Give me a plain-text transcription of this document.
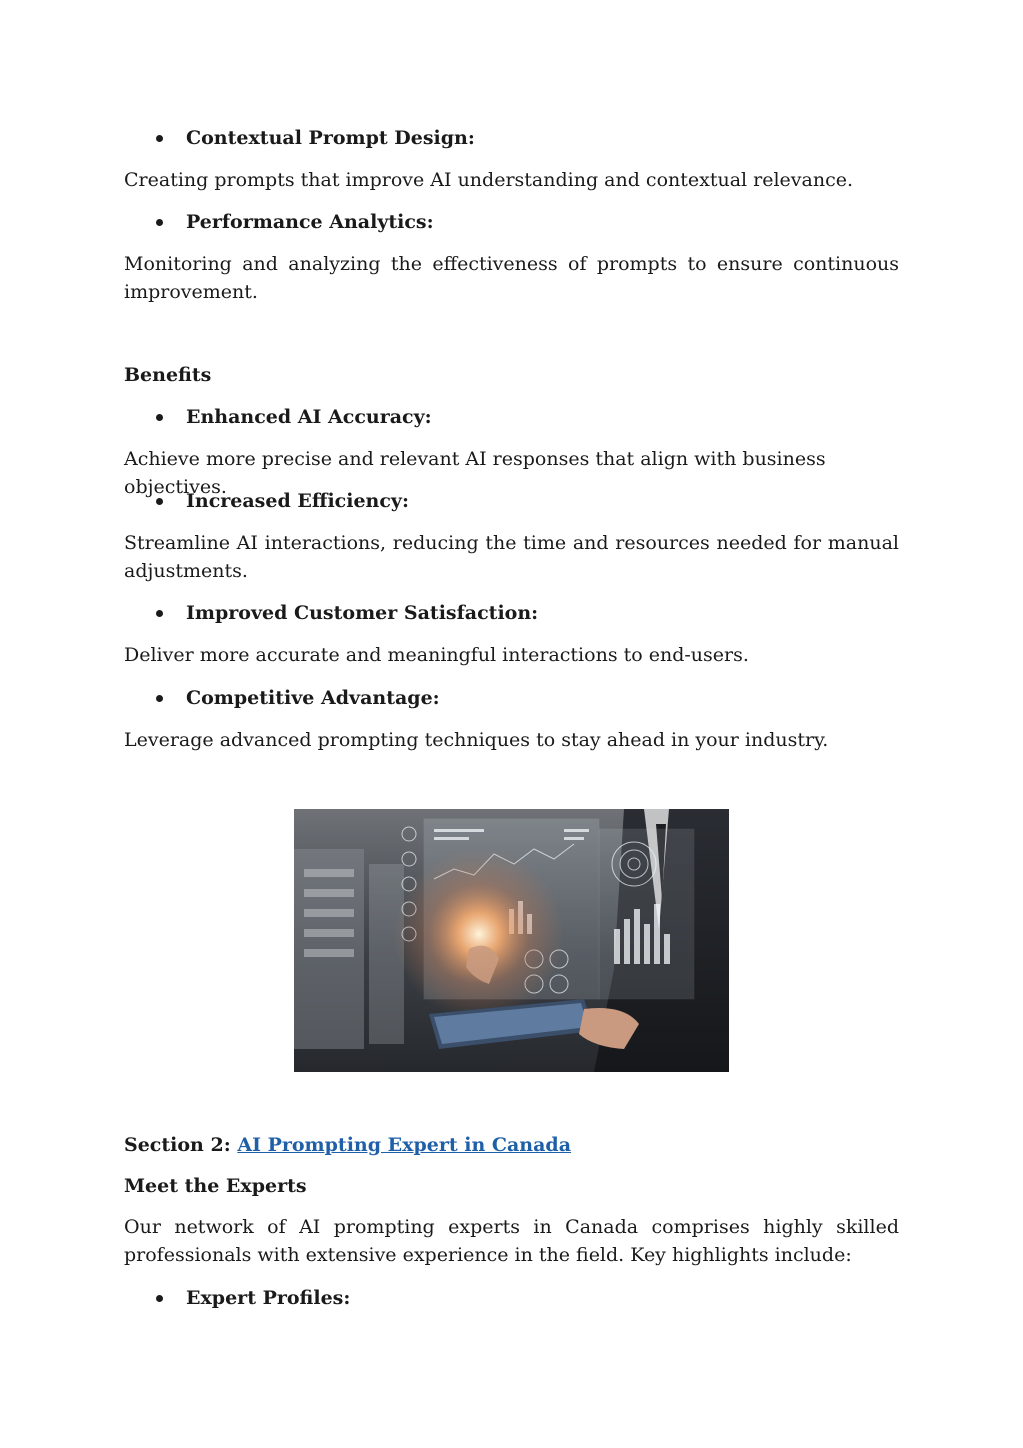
Contextual Prompt Design:

Creating prompts that improve AI understanding and contextual relevance.

Performance Analytics:

Monitoring and analyzing the effectiveness of prompts to ensure continuous improvement.

Benefits

Enhanced AI Accuracy:

Achieve more precise and relevant AI responses that align with business objectives.

Increased Efficiency:

Streamline AI interactions, reducing the time and resources needed for manual adjustments.

Improved Customer Satisfaction:

Deliver more accurate and meaningful interactions to end-users.

Competitive Advantage:

Leverage advanced prompting techniques to stay ahead in your industry.

Section 2: AI Prompting Expert in Canada

Meet the Experts

Our network of AI prompting experts in Canada comprises highly skilled professionals with extensive experience in the field. Key highlights include:

Expert Profiles:
